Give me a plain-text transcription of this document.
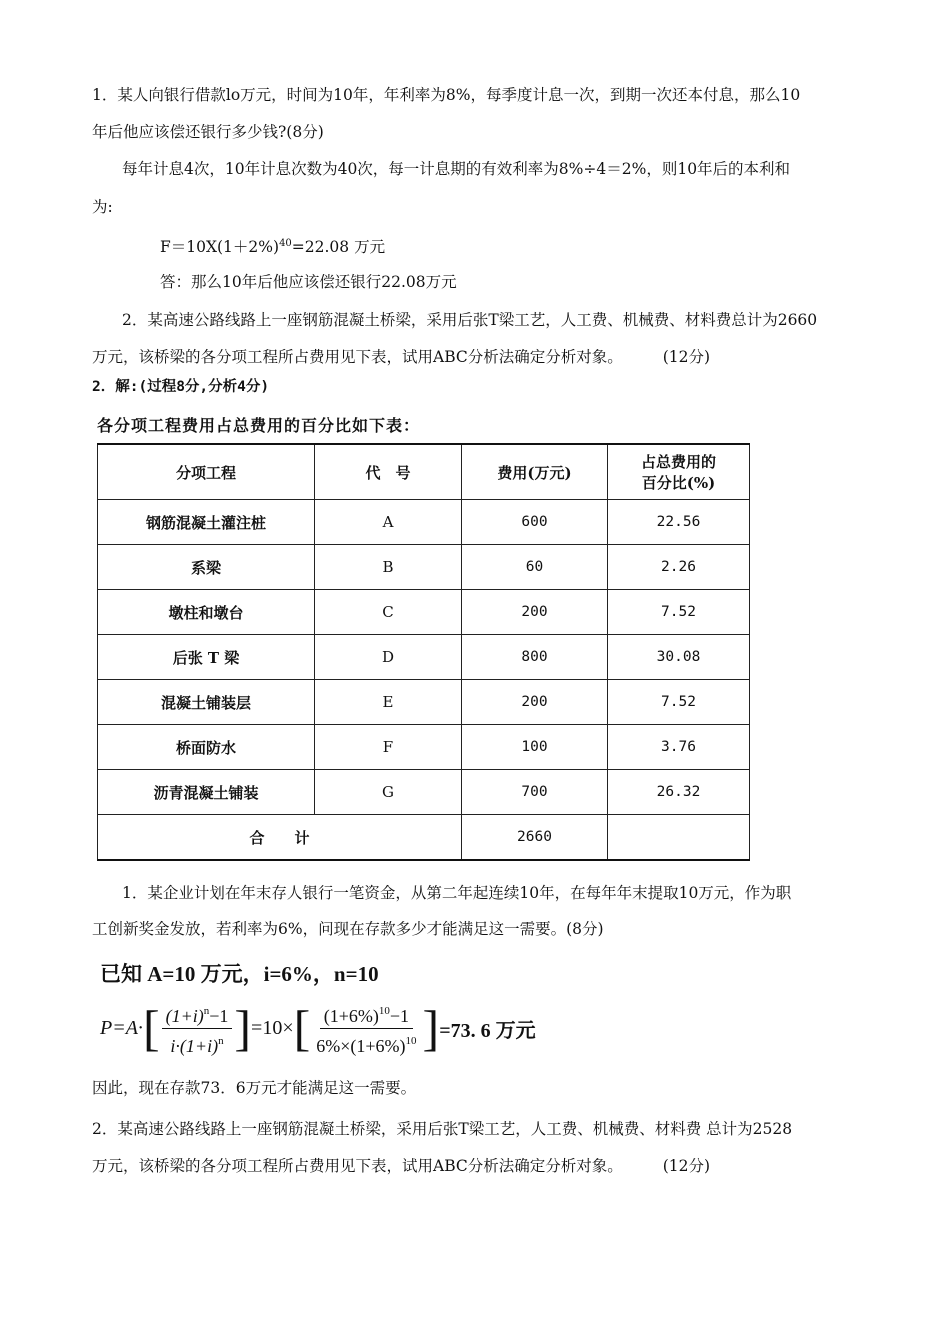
1．某人向银行借款lo万元，时间为10年，年利率为8%，每季度计息一次，到期一次还本付息，那么10
年后他应该偿还银行多少钱?(8分)
每年计息4次，10年计息次数为40次，每一计息期的有效利率为8%÷4＝2%，则10年后的本利和
为:
$F=10X(1+2\%)^{40}=22.08$ 万元
答：那么10年后他应该偿还银行22.08万元
2．某高速公路线路上一座钢筋混凝土桥梁，采用后张T梁工艺，人工费、机械费、材料费总计为2660
万元，该桥梁的各分项工程所占费用见下表，试用ABC分析法确定分析对象。	(12分)
2．解:(过程8分,分析4分)
各分项工程费用占总费用的百分比如下表：
分项工程	代　号	费用(万元)	占总费用的
百分比(%)

钢筋混凝土灌注桩	A	600	22.56
系梁	B	60	2.26
墩柱和墩台	C	200	7.52
后张 T 梁	D	800	30.08
混凝土铺装层	E	200	7.52
桥面防水	F	100	3.76
沥青混凝土铺装	G	700	26.32
合　　计		2660	
1．某企业计划在年末存人银行一笔资金，从第二年起连续10年，在每年年末提取10万元，作为职
工创新奖金发放，若利率为6%，问现在存款多少才能满足这一需要。(8分)
已知 A=10 万元，i=6%，n=10
P=A· [ $\frac{(1+i)^n-1}{i\cdot(1+i)^n}$ ] =10× [ $\frac{(1+6\%)^{10}-1}{6\%\times(1+6\%)^{10}}$ ] =73. 6 万元
因此，现在存款73．6万元才能满足这一需要。
2．某高速公路线路上一座钢筋混凝土桥梁，采用后张T梁工艺，人工费、机械费、材料费 总计为2528
万元，该桥梁的各分项工程所占费用见下表，试用ABC分析法确定分析对象。	(12分)
